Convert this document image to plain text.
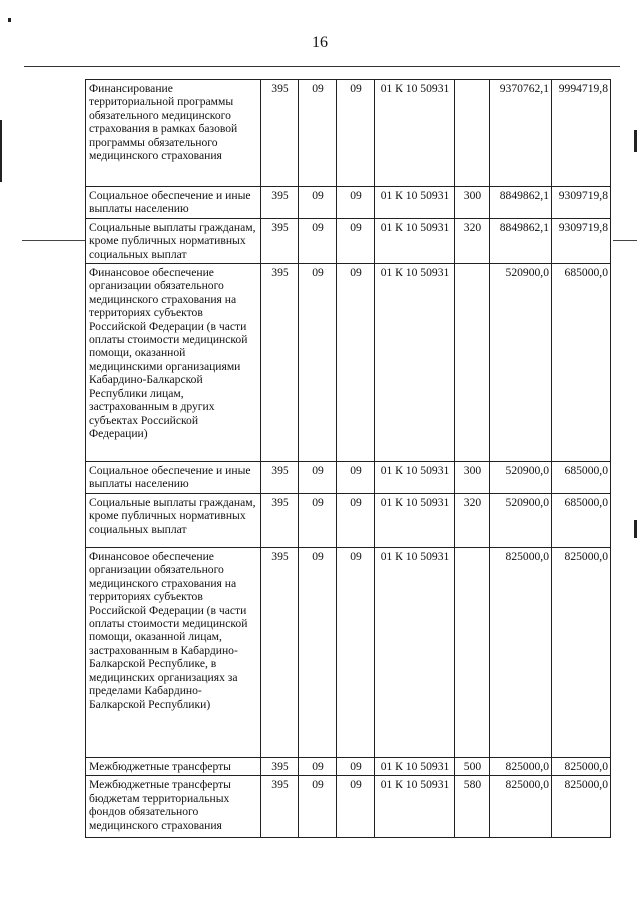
16
Финансирование территориальной программы обязательного медицинского страхования в рамках базовой программы обязательного медицинского страхования	395	09	09	01 К 10 50931		9370762,1	9994719,8
Социальное обеспечение и иные выплаты населению	395	09	09	01 К 10 50931	300	8849862,1	9309719,8
Социальные выплаты гражданам, кроме публичных нормативных социальных выплат	395	09	09	01 К 10 50931	320	8849862,1	9309719,8
Финансовое обеспечение организации обязательного медицинского страхования на территориях субъектов Российской Федерации (в части оплаты стоимости медицинской помощи, оказанной медицинскими организациями Кабардино-Балкарской Республики лицам, застрахованным в других субъектах Российской Федерации)	395	09	09	01 К 10 50931		520900,0	685000,0
Социальное обеспечение и иные выплаты населению	395	09	09	01 К 10 50931	300	520900,0	685000,0
Социальные выплаты гражданам, кроме публичных нормативных социальных выплат	395	09	09	01 К 10 50931	320	520900,0	685000,0
Финансовое обеспечение организации обязательного медицинского страхования на территориях субъектов Российской Федерации (в части оплаты стоимости медицинской помощи, оказанной лицам, застрахованным в Кабардино-Балкарской Республике, в медицинских организациях за пределами Кабардино-Балкарской Республики)	395	09	09	01 К 10 50931		825000,0	825000,0
Межбюджетные трансферты	395	09	09	01 К 10 50931	500	825000,0	825000,0
Межбюджетные трансферты бюджетам территориальных фондов обязательного медицинского страхования	395	09	09	01 К 10 50931	580	825000,0	825000,0
